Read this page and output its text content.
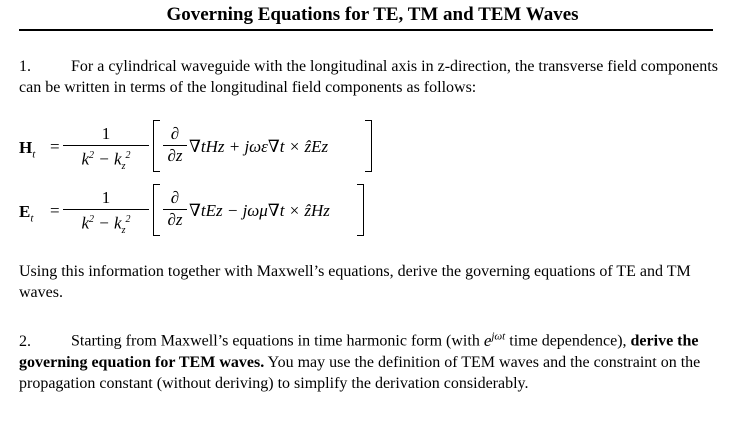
Governing Equations for TE, TM and TEM Waves
1.	For a cylindrical waveguide with the longitudinal axis in z-direction, the transverse field components can be written in terms of the longitudinal field components as follows:
$H_t$ =
1
$k^2 - k_z^2$
∂
∂z ∇tHz + jωε∇t × ẑEz
$E_t$ =
1
$k^2 - k_z^2$
∂
∂z ∇tEz − jωμ∇t × ẑHz
Using this information together with Maxwell’s equations, derive the governing equations of TE and TM waves.
2.	Starting from Maxwell’s equations in time harmonic form (with $e^{j\omega t}$ time dependence), derive the governing equation for TEM waves. You may use the definition of TEM waves and the constraint on the propagation constant (without deriving) to simplify the derivation considerably.
